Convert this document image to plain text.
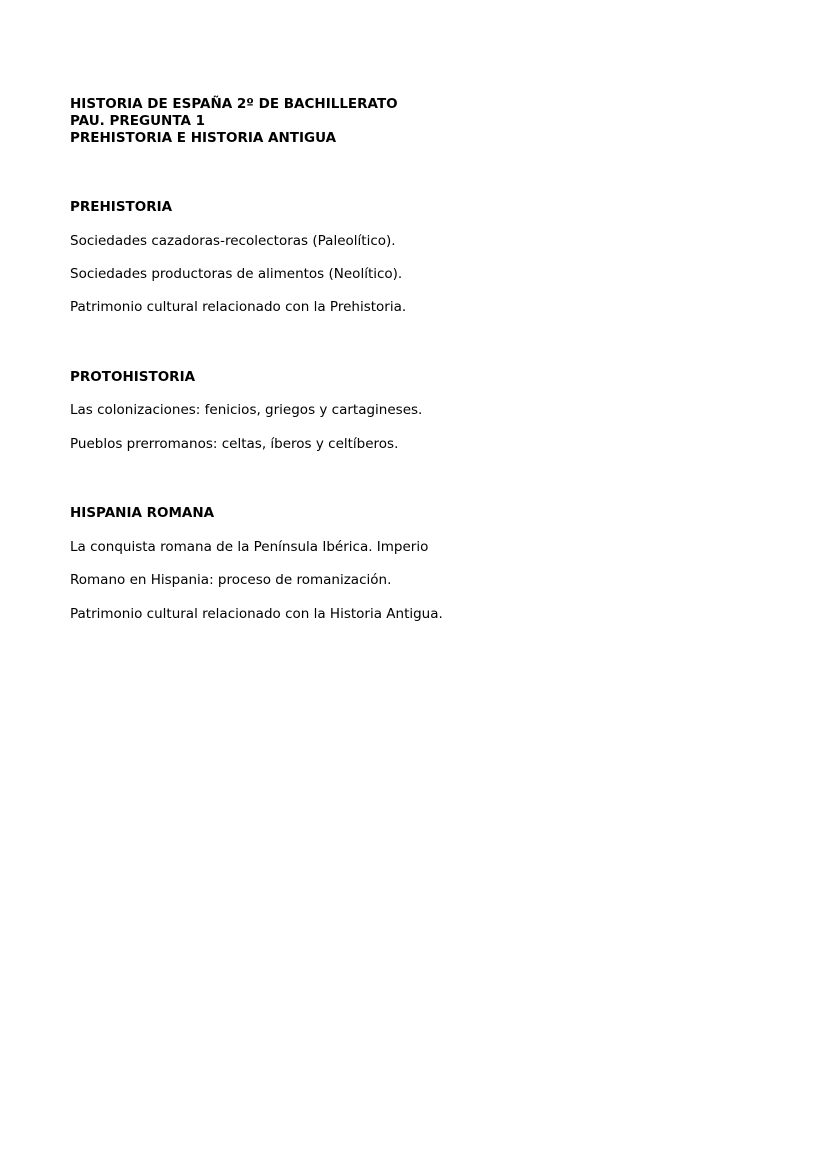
HISTORIA DE ESPAÑA 2º DE BACHILLERATO

PAU. PREGUNTA 1

PREHISTORIA E HISTORIA ANTIGUA

PREHISTORIA

Sociedades cazadoras-recolectoras (Paleolítico).

Sociedades productoras de alimentos (Neolítico).

Patrimonio cultural relacionado con la Prehistoria.

PROTOHISTORIA

Las colonizaciones: fenicios, griegos y cartagineses.

Pueblos prerromanos: celtas, íberos y celtíberos.

HISPANIA ROMANA

La conquista romana de la Península Ibérica. Imperio

Romano en Hispania: proceso de romanización.

Patrimonio cultural relacionado con la Historia Antigua.
